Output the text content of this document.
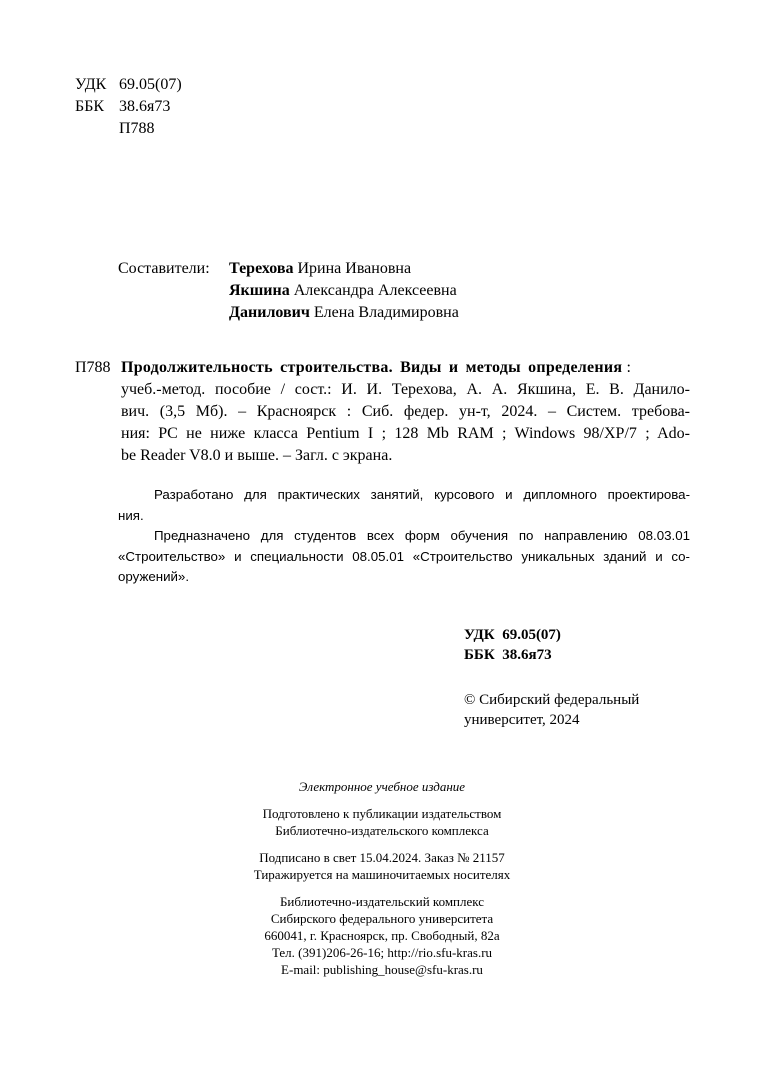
УДК 69.05(07)
ББК 38.6я73
П788
Составители:	Терехова Ирина Ивановна
Якшина Александра Алексеевна
Данилович Елена Владимировна
П788 Продолжительность строительства. Виды и методы определения :
учеб.-метод. пособие / сост.: И. И. Терехова, А. А. Якшина, Е. В. Данило-
вич. (3,5 Мб). – Красноярск : Сиб. федер. ун-т, 2024. – Систем. требова-
ния: PC не ниже класса Pentium I ; 128 Mb RAM ; Windows 98/XP/7 ; Ado-
be Reader V8.0 и выше. – Загл. с экрана.
Разработано для практических занятий, курсового и дипломного проектирова-
ния.
Предназначено для студентов всех форм обучения по направлению 08.03.01
«Строительство» и специальности 08.05.01 «Строительство уникальных зданий и со-
оружений».
УДК  69.05(07)
ББК  38.6я73
© Сибирский федеральный
университет, 2024

Электронное учебное издание

Подготовлено к публикации издательством

Библиотечно-издательского комплекса

Подписано в свет 15.04.2024. Заказ № 21157

Тиражируется на машиночитаемых носителях

Библиотечно-издательский комплекс

Сибирского федерального университета

660041, г. Красноярск, пр. Свободный, 82а

Тел. (391)206-26-16; http://rio.sfu-kras.ru

E-mail: publishing_house@sfu-kras.ru
